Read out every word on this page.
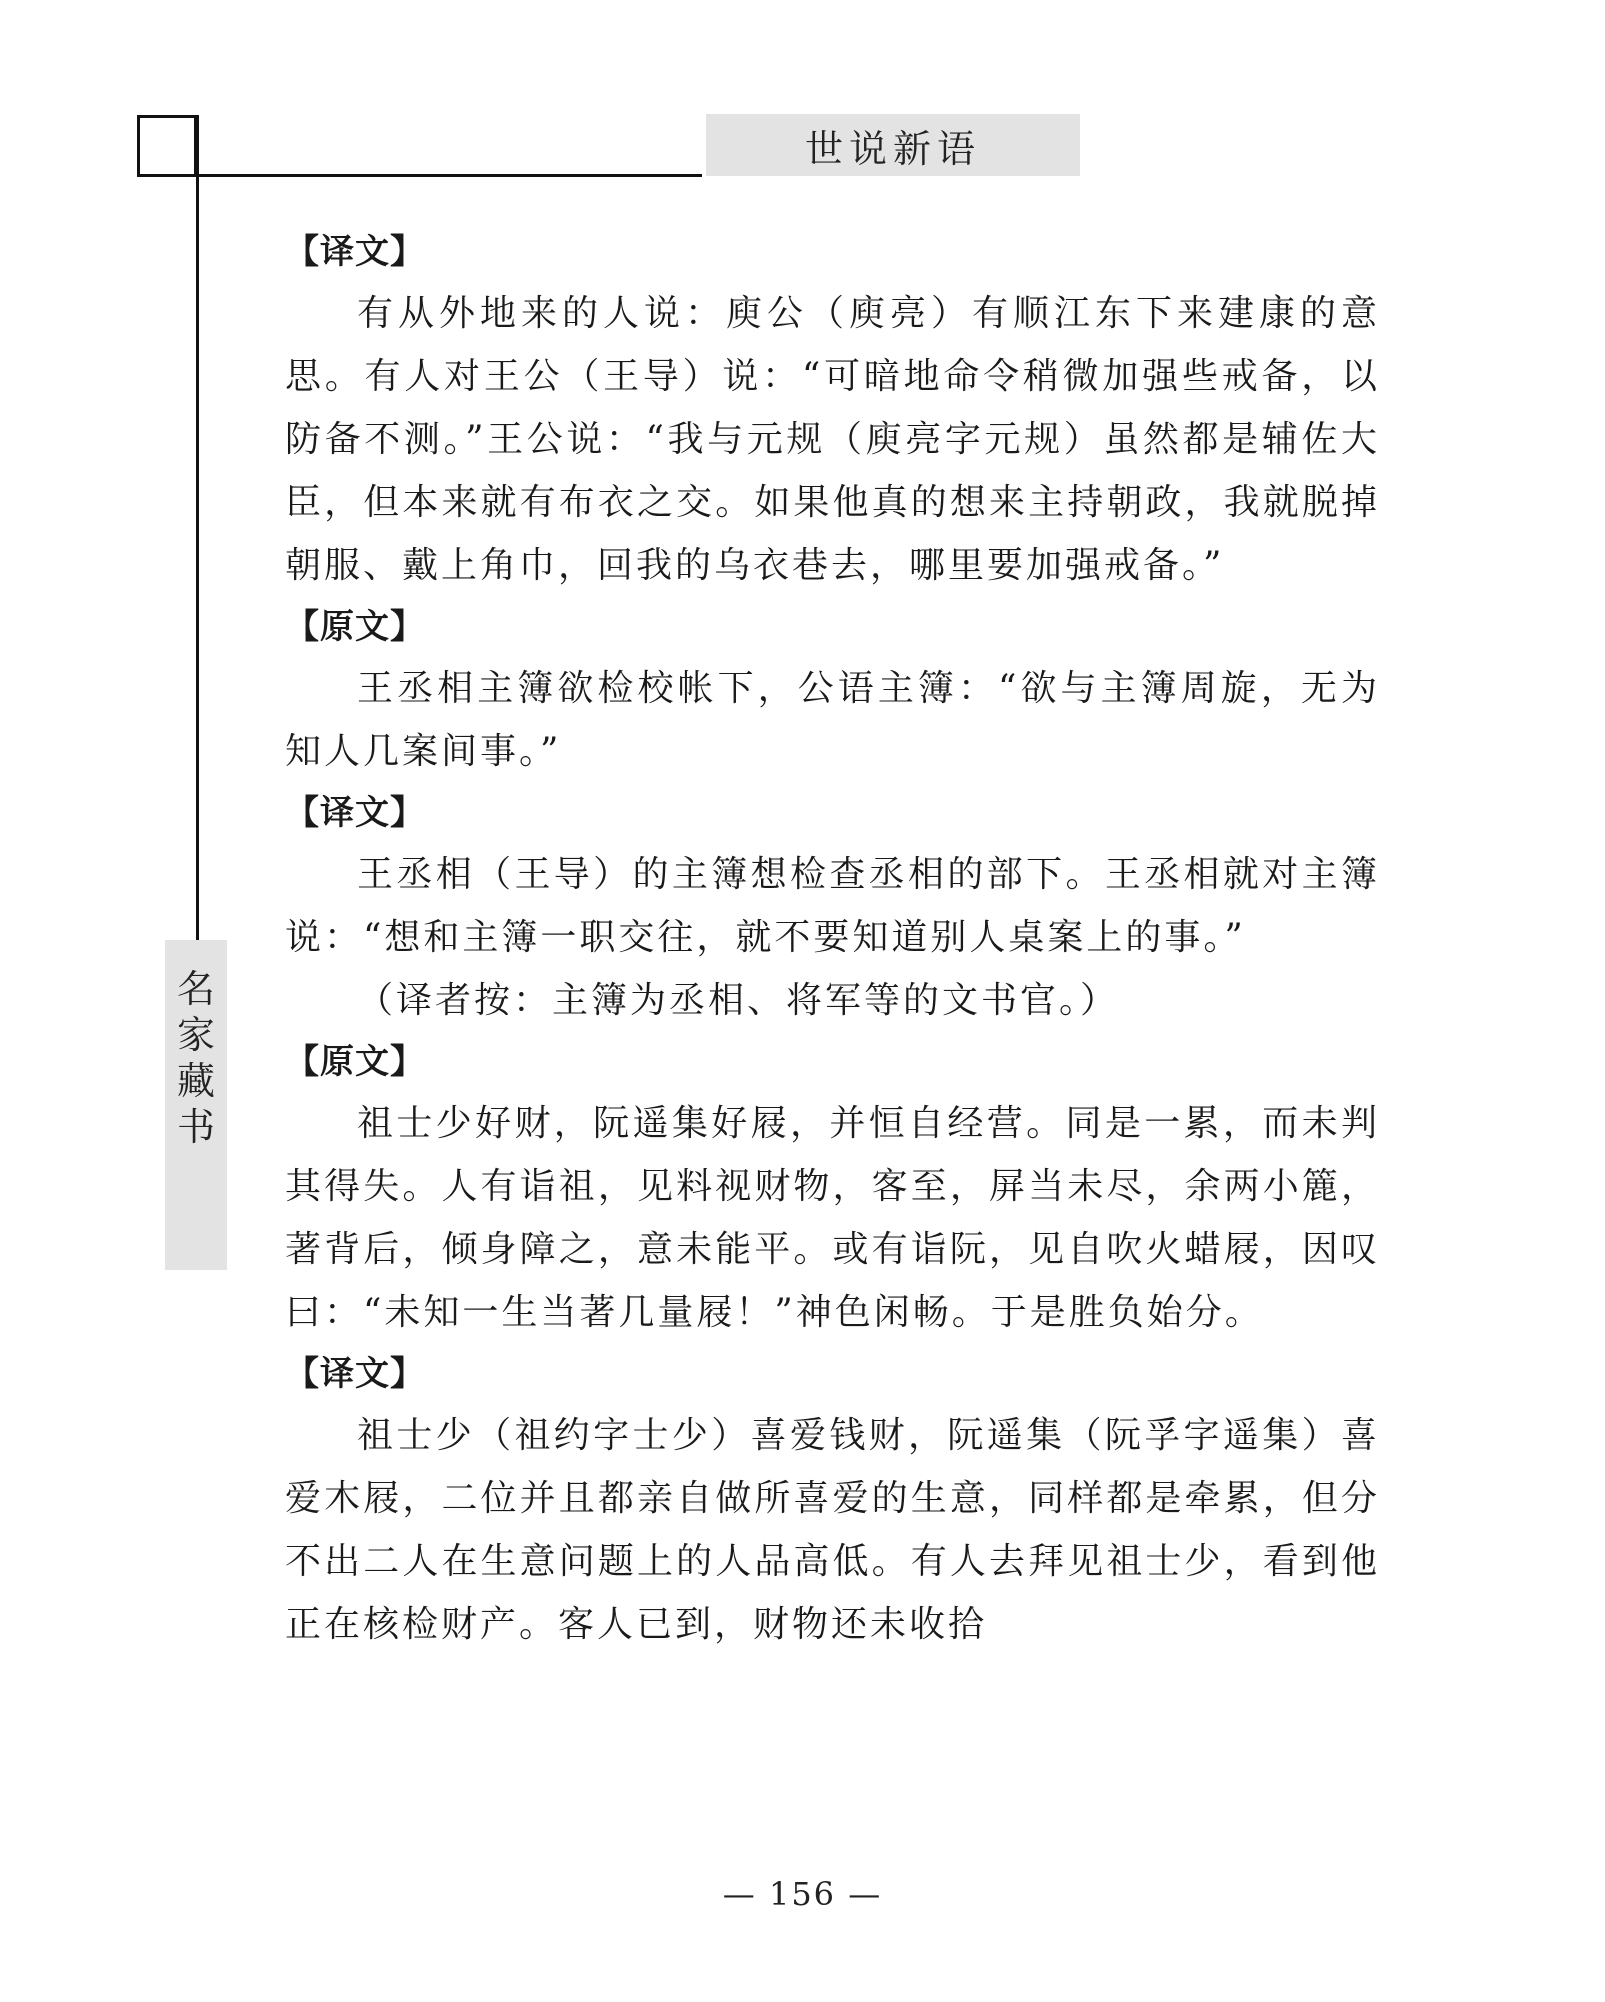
世说新语
名
家
藏
书
【译文】

有从外地来的人说：庾公（庾亮）有顺江东下来建康的意思。有人对王公（王导）说：“可暗地命令稍微加强些戒备，以防备不测。”王公说：“我与元规（庾亮字元规）虽然都是辅佐大臣，但本来就有布衣之交。如果他真的想来主持朝政，我就脱掉朝服、戴上角巾，回我的乌衣巷去，哪里要加强戒备。”

【原文】

王丞相主簿欲检校帐下，公语主簿：“欲与主簿周旋，无为知人几案间事。”

【译文】

王丞相（王导）的主簿想检查丞相的部下。王丞相就对主簿说：“想和主簿一职交往，就不要知道别人桌案上的事。”

（译者按：主簿为丞相、将军等的文书官。）

【原文】

祖士少好财，阮遥集好屐，并恒自经营。同是一累，而未判其得失。人有诣祖，见料视财物，客至，屏当未尽，余两小簏，著背后，倾身障之，意未能平。或有诣阮，见自吹火蜡屐，因叹曰：“未知一生当著几量屐！”神色闲畅。于是胜负始分。

【译文】

祖士少（祖约字士少）喜爱钱财，阮遥集（阮孚字遥集）喜爱木屐，二位并且都亲自做所喜爱的生意，同样都是牵累，但分不出二人在生意问题上的人品高低。有人去拜见祖士少，看到他正在核检财产。客人已到，财物还未收拾

— 156 —
